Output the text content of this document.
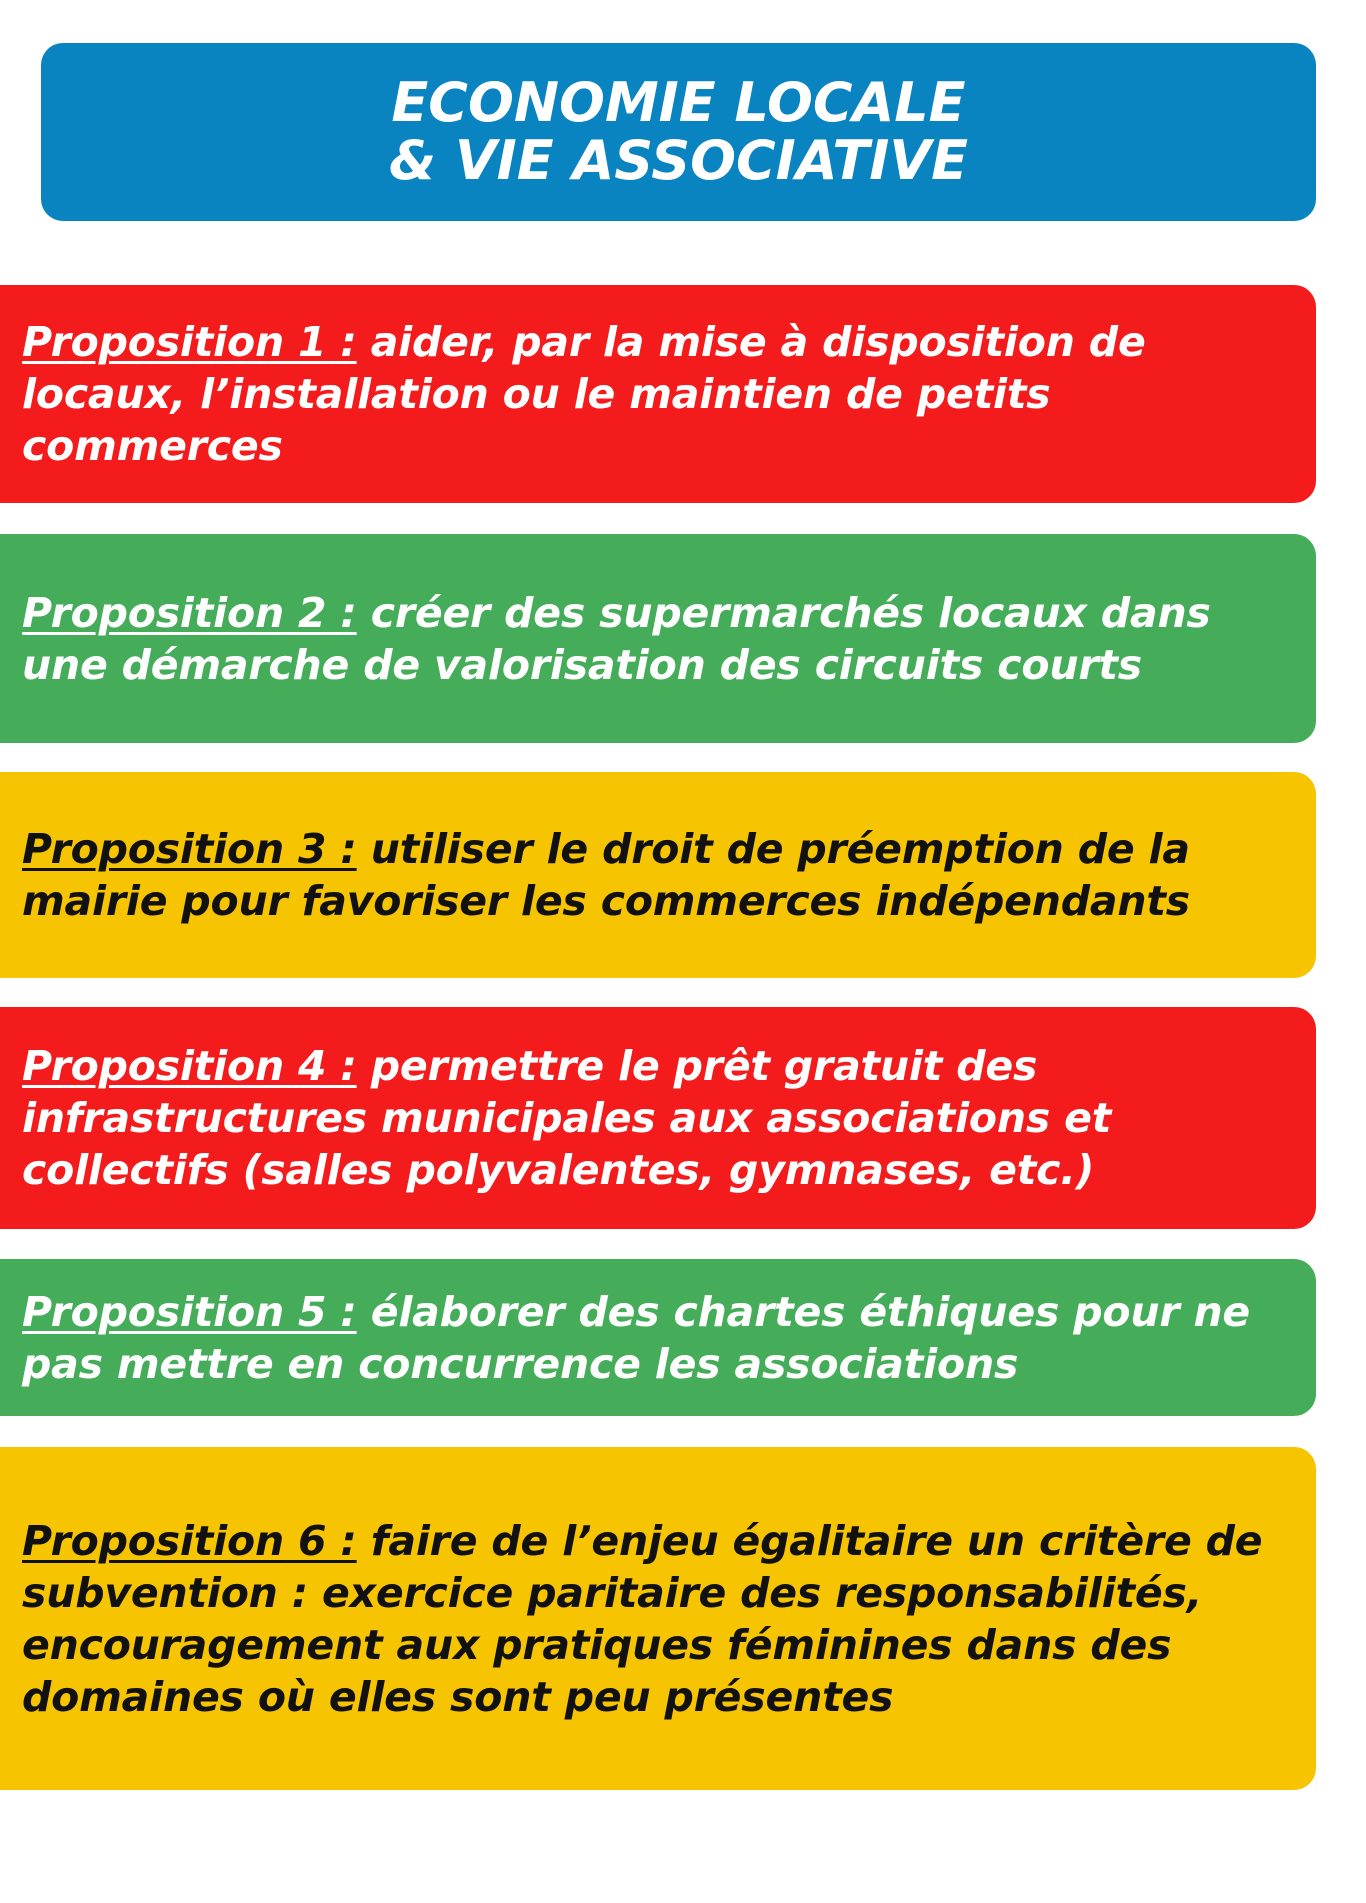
ECONOMIE LOCALE
& VIE ASSOCIATIVE

Proposition 1 : aider, par la mise à disposition de locaux, l’installation ou le maintien de petits commerces

Proposition 2 : créer des supermarchés locaux dans une démarche de valorisation des circuits courts

Proposition 3 : utiliser le droit de préemption de la mairie pour favoriser les commerces indépendants

Proposition 4 : permettre le prêt gratuit des infrastructures municipales aux associations et collectifs (salles polyvalentes, gymnases, etc.)

Proposition 5 : élaborer des chartes éthiques pour ne pas mettre en concurrence les associations

Proposition 6 : faire de l’enjeu égalitaire un critère de subvention : exercice paritaire des responsabilités, encouragement aux pratiques féminines dans des domaines où elles sont peu présentes
